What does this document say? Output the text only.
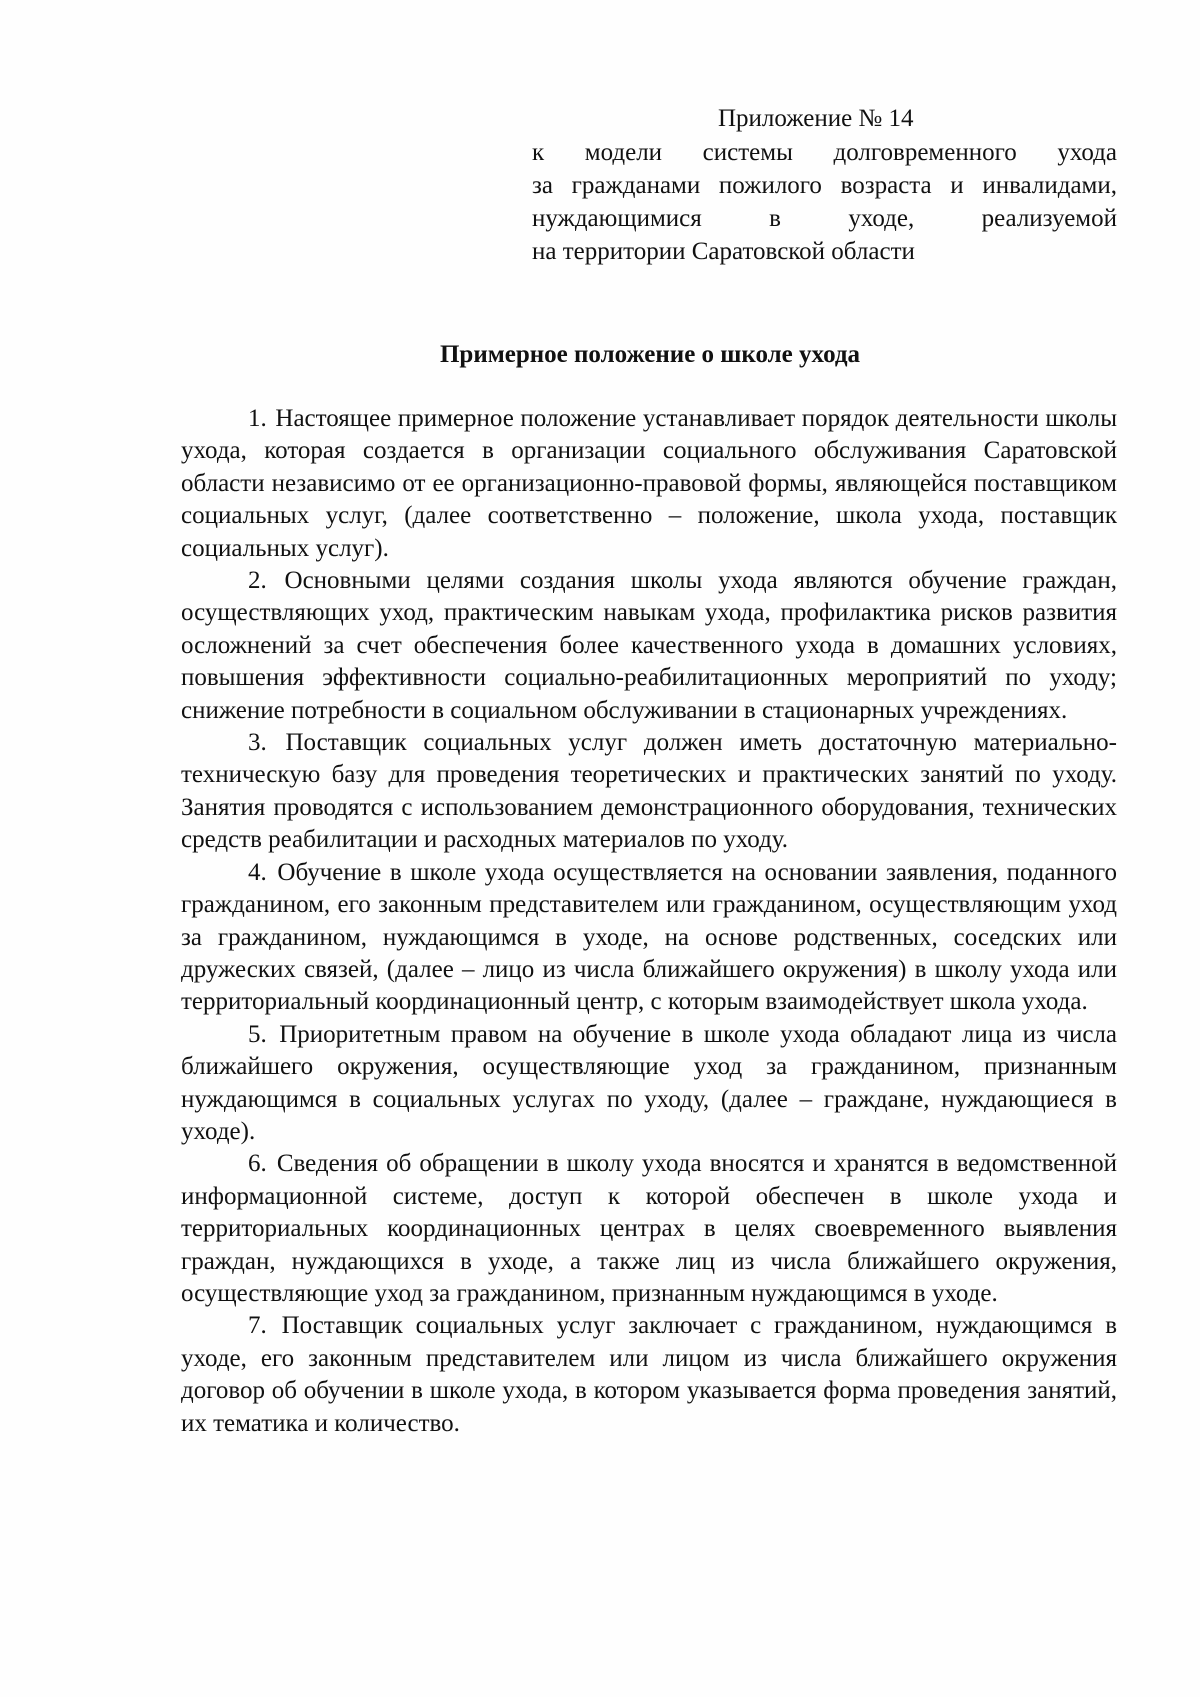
Приложение № 14
к модели системы долговременного ухода
за гражданами пожилого возраста и инвалидами,
нуждающимися в уходе, реализуемой
на территории Саратовской области
Примерное положение о школе ухода

1. Настоящее примерное положение устанавливает порядок деятельности школы ухода, которая создается в организации социального обслуживания Саратовской области независимо от ее организационно-правовой формы, являющейся поставщиком социальных услуг, (далее соответственно – положение, школа ухода, поставщик социальных услуг).

2. Основными целями создания школы ухода являются обучение граждан, осуществляющих уход, практическим навыкам ухода, профилактика рисков развития осложнений за счет обеспечения более качественного ухода в домашних условиях, повышения эффективности социально-реабилитационных мероприятий по уходу; снижение потребности в социальном обслуживании в стационарных учреждениях.

3. Поставщик социальных услуг должен иметь достаточную материально-техническую базу для проведения теоретических и практических занятий по уходу. Занятия проводятся с использованием демонстрационного оборудования, технических средств реабилитации и расходных материалов по уходу.

4. Обучение в школе ухода осуществляется на основании заявления, поданного гражданином, его законным представителем или гражданином, осуществляющим уход за гражданином, нуждающимся в уходе, на основе родственных, соседских или дружеских связей, (далее – лицо из числа ближайшего окружения) в школу ухода или территориальный координационный центр, с которым взаимодействует школа ухода.

5. Приоритетным правом на обучение в школе ухода обладают лица из числа ближайшего окружения, осуществляющие уход за гражданином, признанным нуждающимся в социальных услугах по уходу, (далее – граждане, нуждающиеся в уходе).

6. Сведения об обращении в школу ухода вносятся и хранятся в ведомственной информационной системе, доступ к которой обеспечен в школе ухода и территориальных координационных центрах в целях своевременного выявления граждан, нуждающихся в уходе, а также лиц из числа ближайшего окружения, осуществляющие уход за гражданином, признанным нуждающимся в уходе.

7. Поставщик социальных услуг заключает с гражданином, нуждающимся в уходе, его законным представителем или лицом из числа ближайшего окружения договор об обучении в школе ухода, в котором указывается форма проведения занятий, их тематика и количество.
